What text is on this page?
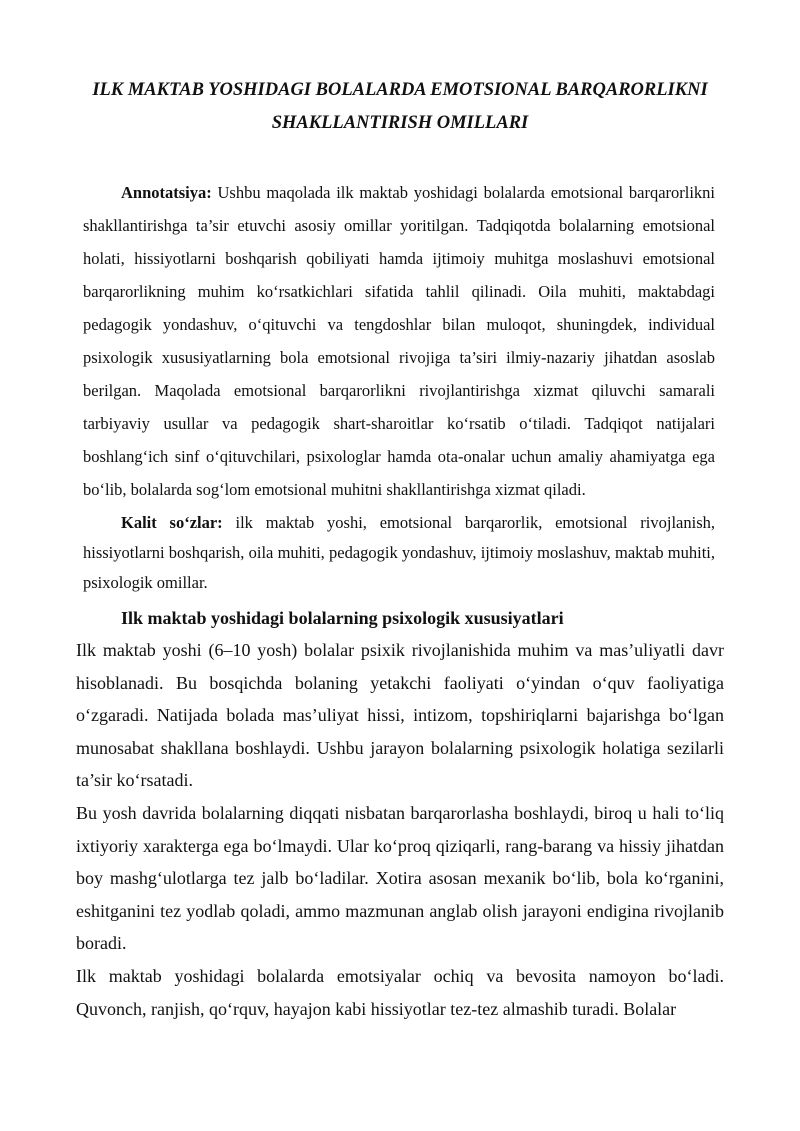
ILK MAKTAB YOSHIDAGI BOLALARDA EMOTSIONAL BARQARORLIKNI
SHAKLLANTIRISH OMILLARI

Annotatsiya: Ushbu maqolada ilk maktab yoshidagi bolalarda emotsional barqarorlikni shakllantirishga ta’sir etuvchi asosiy omillar yoritilgan. Tadqiqotda bolalarning emotsional holati, hissiyotlarni boshqarish qobiliyati hamda ijtimoiy muhitga moslashuvi emotsional barqarorlikning muhim ko‘rsatkichlari sifatida tahlil qilinadi. Oila muhiti, maktabdagi pedagogik yondashuv, o‘qituvchi va tengdoshlar bilan muloqot, shuningdek, individual psixologik xususiyatlarning bola emotsional rivojiga ta’siri ilmiy-nazariy jihatdan asoslab berilgan. Maqolada emotsional barqarorlikni rivojlantirishga xizmat qiluvchi samarali tarbiyaviy usullar va pedagogik shart-sharoitlar ko‘rsatib o‘tiladi. Tadqiqot natijalari boshlang‘ich sinf o‘qituvchilari, psixologlar hamda ota-onalar uchun amaliy ahamiyatga ega bo‘lib, bolalarda sog‘lom emotsional muhitni shakllantirishga xizmat qiladi.

Kalit so‘zlar: ilk maktab yoshi, emotsional barqarorlik, emotsional rivojlanish, hissiyotlarni boshqarish, oila muhiti, pedagogik yondashuv, ijtimoiy moslashuv, maktab muhiti, psixologik omillar.

Ilk maktab yoshidagi bolalarning psixologik xususiyatlari

Ilk maktab yoshi (6–10 yosh) bolalar psixik rivojlanishida muhim va mas’uliyatli davr hisoblanadi. Bu bosqichda bolaning yetakchi faoliyati o‘yindan o‘quv faoliyatiga o‘zgaradi. Natijada bolada mas’uliyat hissi, intizom, topshiriqlarni bajarishga bo‘lgan munosabat shakllana boshlaydi. Ushbu jarayon bolalarning psixologik holatiga sezilarli ta’sir ko‘rsatadi.

Bu yosh davrida bolalarning diqqati nisbatan barqarorlasha boshlaydi, biroq u hali to‘liq ixtiyoriy xarakterga ega bo‘lmaydi. Ular ko‘proq qiziqarli, rang-barang va hissiy jihatdan boy mashg‘ulotlarga tez jalb bo‘ladilar. Xotira asosan mexanik bo‘lib, bola ko‘rganini, eshitganini tez yodlab qoladi, ammo mazmunan anglab olish jarayoni endigina rivojlanib boradi.

Ilk maktab yoshidagi bolalarda emotsiyalar ochiq va bevosita namoyon bo‘ladi. Quvonch, ranjish, qo‘rquv, hayajon kabi hissiyotlar tez-tez almashib turadi. Bolalar
